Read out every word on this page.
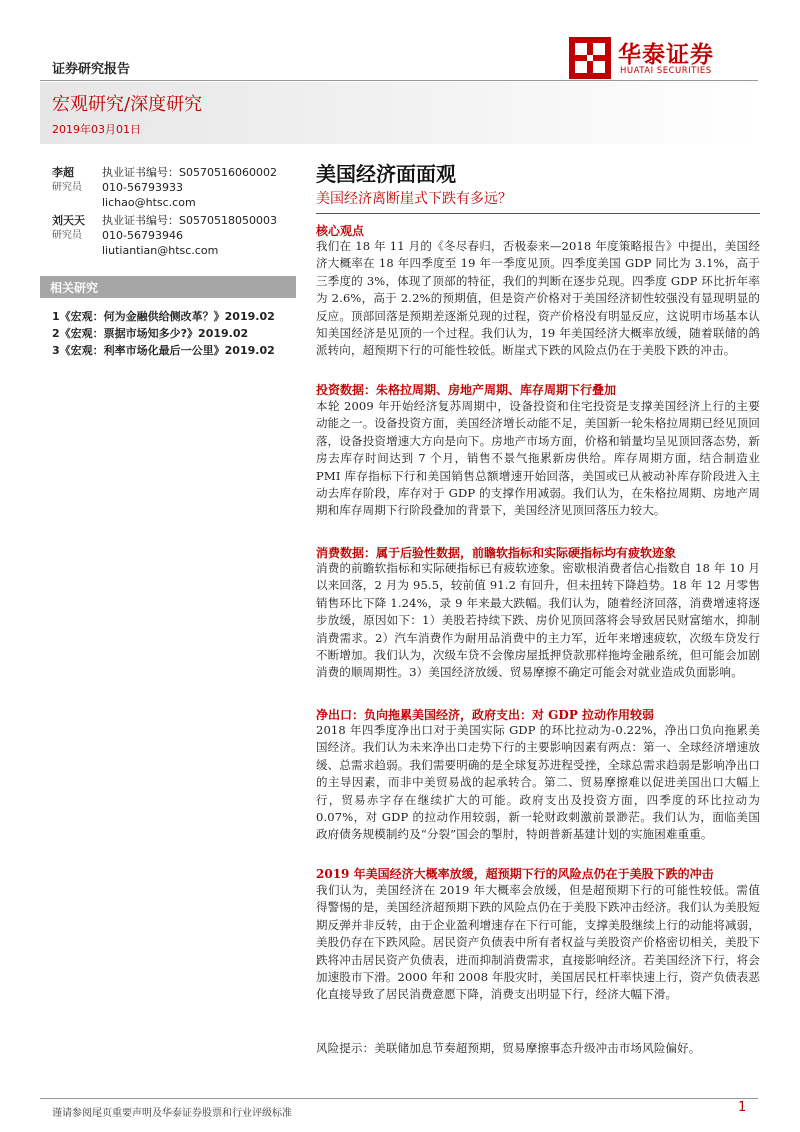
证券研究报告
华泰证券
HUATAI SECURITIES
宏观研究/深度研究
2019年03月01日
李超
研究员
执业证书编号：S0570516060002
010-56793933
lichao@htsc.com
刘天天
研究员
执业证书编号：S0570518050003
010-56793946
liutiantian@htsc.com
相关研究
1《宏观：何为金融供给侧改革？》2019.02
2《宏观：票据市场知多少?》2019.02
3《宏观：利率市场化最后一公里》2019.02
美国经济面面观
美国经济离断崖式下跌有多远？
核心观点
我们在 18 年 11 月的《冬尽春归，否极泰来—2018 年度策略报告》中提出，美国经济大概率在 18 年四季度至 19 年一季度见顶。四季度美国 GDP 同比为 3.1%，高于三季度的 3%，体现了顶部的特征，我们的判断在逐步兑现。四季度 GDP 环比折年率为 2.6%，高于 2.2%的预期值，但是资产价格对于美国经济韧性较强没有显现明显的反应。顶部回落是预期差逐渐兑现的过程，资产价格没有明显反应，这说明市场基本认知美国经济是见顶的一个过程。我们认为，19 年美国经济大概率放缓，随着联储的鸽派转向，超预期下行的可能性较低。断崖式下跌的风险点仍在于美股下跌的冲击。
投资数据：朱格拉周期、房地产周期、库存周期下行叠加
本轮 2009 年开始经济复苏周期中，设备投资和住宅投资是支撑美国经济上行的主要动能之一。设备投资方面，美国经济增长动能不足，美国新一轮朱格拉周期已经见顶回落，设备投资增速大方向是向下。房地产市场方面，价格和销量均呈见顶回落态势，新房去库存时间达到 7 个月，销售不景气拖累新房供给。库存周期方面，结合制造业 PMI 库存指标下行和美国销售总额增速开始回落，美国或已从被动补库存阶段进入主动去库存阶段，库存对于 GDP 的支撑作用减弱。我们认为，在朱格拉周期、房地产周期和库存周期下行阶段叠加的背景下，美国经济见顶回落压力较大。
消费数据：属于后验性数据，前瞻软指标和实际硬指标均有疲软迹象
消费的前瞻软指标和实际硬指标已有疲软迹象。密歇根消费者信心指数自 18 年 10 月以来回落，2 月为 95.5，较前值 91.2 有回升，但未扭转下降趋势。18 年 12 月零售销售环比下降 1.24%，录 9 年来最大跌幅。我们认为，随着经济回落，消费增速将逐步放缓，原因如下：1）美股若持续下跌、房价见顶回落将会导致居民财富缩水，抑制消费需求。2）汽车消费作为耐用品消费中的主力军，近年来增速疲软，次级车贷发行不断增加。我们认为，次级车贷不会像房屋抵押贷款那样拖垮金融系统，但可能会加剧消费的顺周期性。3）美国经济放缓、贸易摩擦不确定可能会对就业造成负面影响。
净出口：负向拖累美国经济，政府支出：对 GDP 拉动作用较弱
2018 年四季度净出口对于美国实际 GDP 的环比拉动为-0.22%，净出口负向拖累美国经济。我们认为未来净出口走势下行的主要影响因素有两点：第一、全球经济增速放缓、总需求趋弱。我们需要明确的是全球复苏进程受挫，全球总需求趋弱是影响净出口的主导因素，而非中美贸易战的起承转合。第二、贸易摩擦难以促进美国出口大幅上行，贸易赤字存在继续扩大的可能。政府支出及投资方面，四季度的环比拉动为 0.07%，对 GDP 的拉动作用较弱，新一轮财政刺激前景渺茫。我们认为，面临美国政府债务规模制约及“分裂”国会的掣肘，特朗普新基建计划的实施困难重重。
2019 年美国经济大概率放缓，超预期下行的风险点仍在于美股下跌的冲击
我们认为，美国经济在 2019 年大概率会放缓，但是超预期下行的可能性较低。需值得警惕的是，美国经济超预期下跌的风险点仍在于美股下跌冲击经济。我们认为美股短期反弹并非反转，由于企业盈利增速存在下行可能，支撑美股继续上行的动能将减弱，美股仍存在下跌风险。居民资产负债表中所有者权益与美股资产价格密切相关，美股下跌将冲击居民资产负债表，进而抑制消费需求，直接影响经济。若美国经济下行，将会加速股市下滑。2000 年和 2008 年股灾时，美国居民杠杆率快速上行，资产负债表恶化直接导致了居民消费意愿下降，消费支出明显下行，经济大幅下滑。
风险提示：美联储加息节奏超预期，贸易摩擦事态升级冲击市场风险偏好。
谨请参阅尾页重要声明及华泰证券股票和行业评级标准	1
